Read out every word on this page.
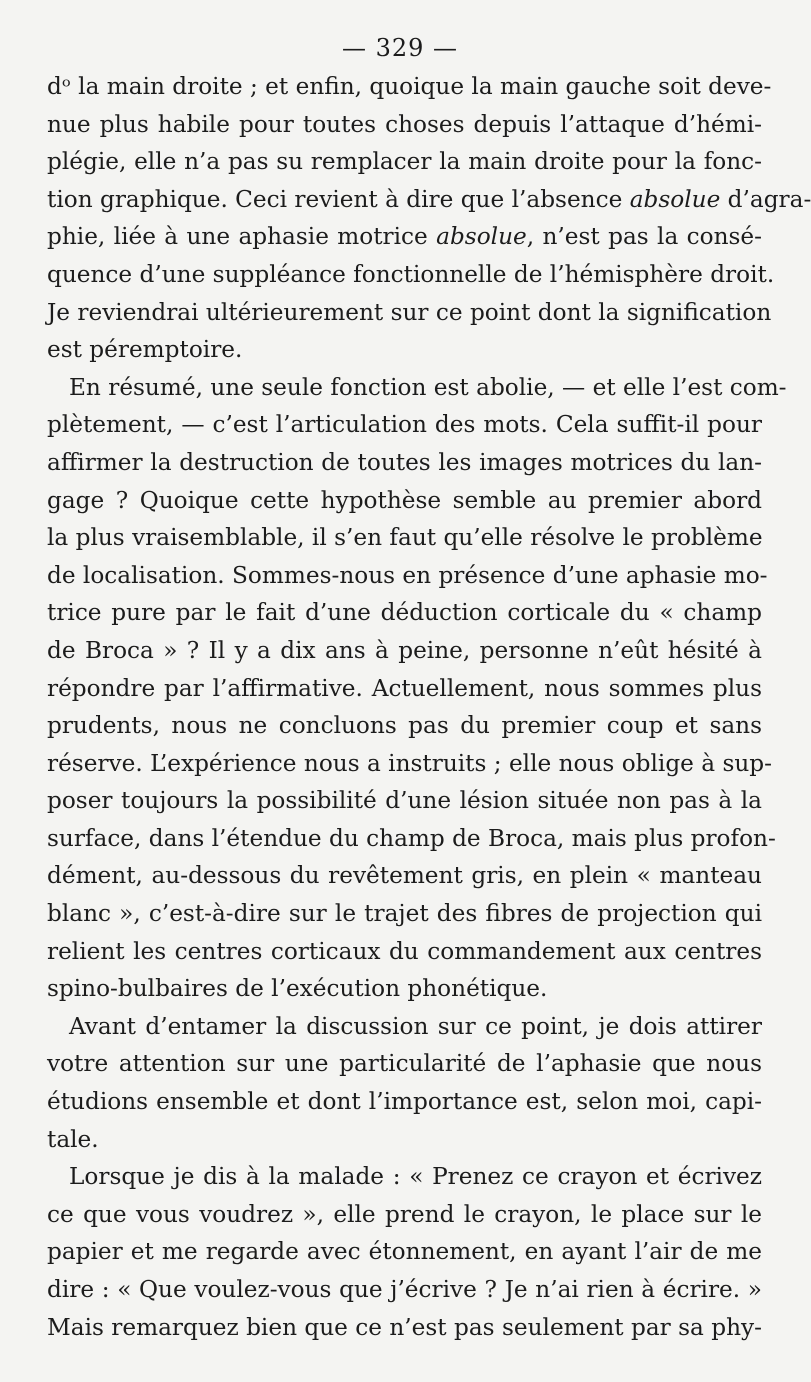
— 329 —
dᵒ la main droite ; et enfin, quoique la main gauche soit deve-
nue plus habile pour toutes choses depuis l’attaque d’hémi-
plégie, elle n’a pas su remplacer la main droite pour la fonc-
tion graphique. Ceci revient à dire que l’absence absolue d’agra-
phie, liée à une aphasie motrice absolue, n’est pas la consé-
quence d’une suppléance fonctionnelle de l’hémisphère droit.
Je reviendrai ultérieurement sur ce point dont la signification
est péremptoire.
En résumé, une seule fonction est abolie, — et elle l’est com-
plètement, — c’est l’articulation des mots. Cela suffit-il pour
affirmer la destruction de toutes les images motrices du lan-
gage ? Quoique cette hypothèse semble au premier abord
la plus vraisemblable, il s’en faut qu’elle résolve le problème
de localisation. Sommes-nous en présence d’une aphasie mo-
trice pure par le fait d’une déduction corticale du « champ
de Broca » ? Il y a dix ans à peine, personne n’eût hésité à
répondre par l’affirmative. Actuellement, nous sommes plus
prudents, nous ne concluons pas du premier coup et sans
réserve. L’expérience nous a instruits ; elle nous oblige à sup-
poser toujours la possibilité d’une lésion située non pas à la
surface, dans l’étendue du champ de Broca, mais plus profon-
dément, au-dessous du revêtement gris, en plein « manteau
blanc », c’est-à-dire sur le trajet des fibres de projection qui
relient les centres corticaux du commandement aux centres
spino-bulbaires de l’exécution phonétique.
Avant d’entamer la discussion sur ce point, je dois attirer
votre attention sur une particularité de l’aphasie que nous
étudions ensemble et dont l’importance est, selon moi, capi-
tale.
Lorsque je dis à la malade : « Prenez ce crayon et écrivez
ce que vous voudrez », elle prend le crayon, le place sur le
papier et me regarde avec étonnement, en ayant l’air de me
dire : « Que voulez-vous que j’écrive ? Je n’ai rien à écrire. »
Mais remarquez bien que ce n’est pas seulement par sa phy-
